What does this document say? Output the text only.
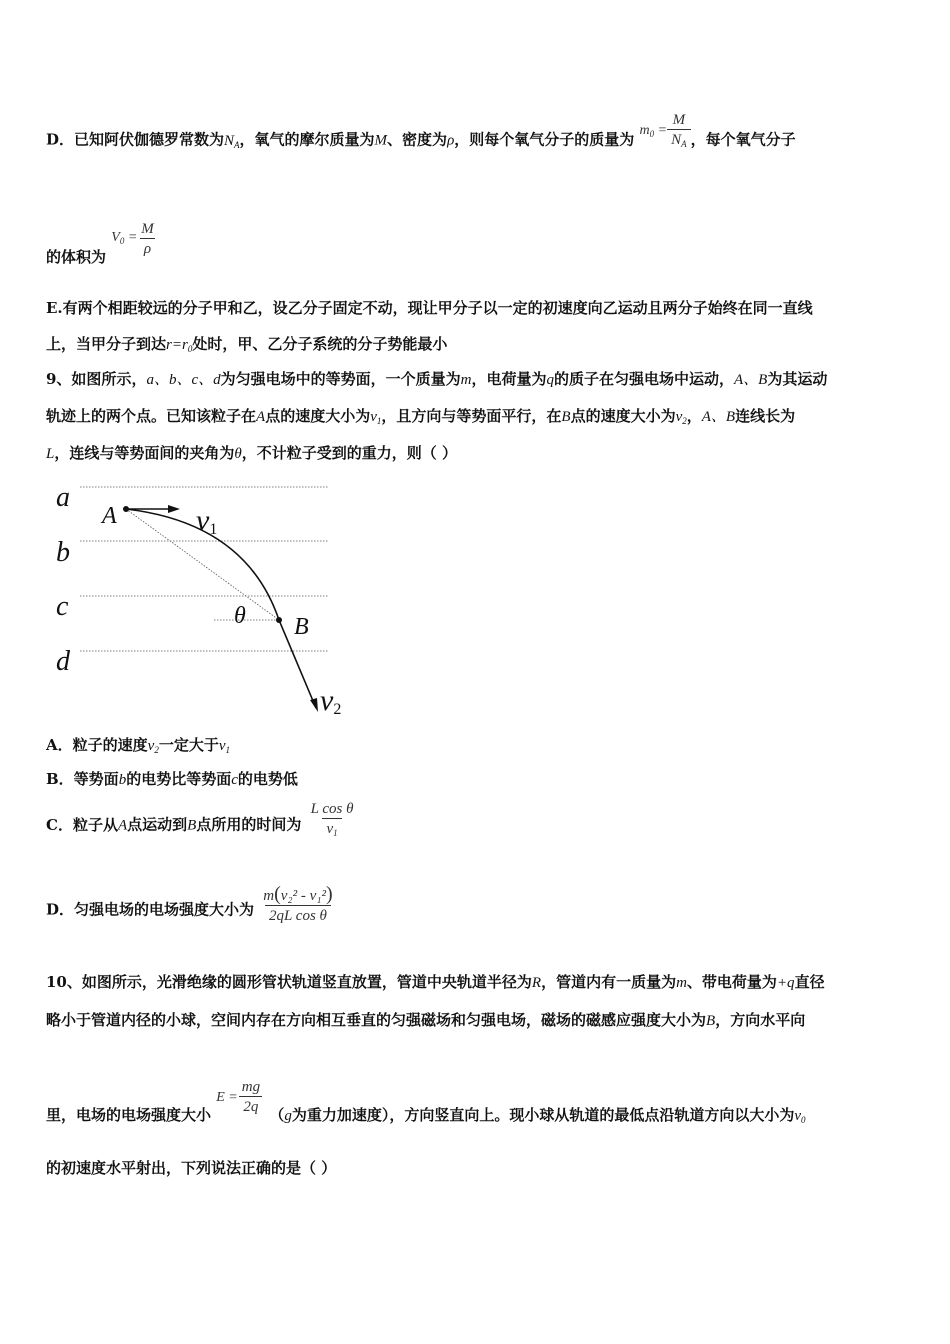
D．已知阿伏伽德罗常数为$N_A$，氧气的摩尔质量为M、密度为ρ，则每个氧气分子的质量为 $m_0 = \frac{M}{N_A}$ ，每个氧气分子
的体积为
$V_0 = \frac{M}{\rho}$
E.有两个相距较远的分子甲和乙，设乙分子固定不动，现让甲分子以一定的初速度向乙运动且两分子始终在同一直线
上，当甲分子到达$r=r_0$处时，甲、乙分子系统的分子势能最小
9、如图所示，a、b、c、d为匀强电场中的等势面，一个质量为m，电荷量为q的质子在匀强电场中运动，A、B为其运动
轨迹上的两个点。已知该粒子在A点的速度大小为$v_1$，且方向与等势面平行，在B点的速度大小为$v_2$，A、B连线长为
L，连线与等势面间的夹角为θ，不计粒子受到的重力，则（ ）
a
b
c
d
A	v1
θ B
v2
A．粒子的速度$v_2$一定大于$v_1$
B．等势面b的电势比等势面c的电势低
C．粒子从A点运动到B点所用的时间为 $\frac{\text{L cos θ}}{v_1}$
D．匀强电场的电场强度大小为 $\frac{\text{m(v₂² - v₁²)}}{\text{2qL cos θ}}$
10、如图所示，光滑绝缘的圆形管状轨道竖直放置，管道中央轨道半径为R，管道内有一质量为m、带电荷量为+q直径
略小于管道内径的小球，空间内存在方向相互垂直的匀强磁场和匀强电场，磁场的磁感应强度大小为B，方向水平向
里，电场的电场强度大小
$E = \frac{mg}{2q} (g$为重力加速度），方向竖直向上。现小球从轨道的最低点沿轨道方向以大小为$v_0$
的初速度水平射出，下列说法正确的是（ ）
